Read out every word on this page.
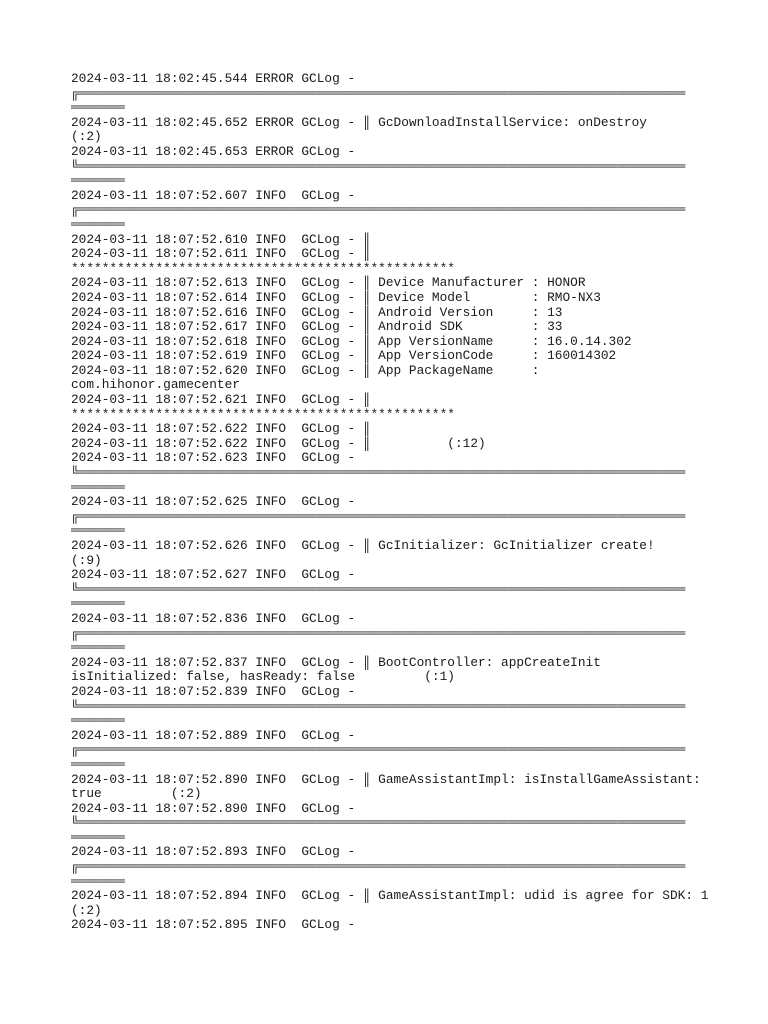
2024-03-11 18:02:45.544 ERROR GCLog -
╔═══════════════════════════════════════════════════════════════════════════════
═══════
2024-03-11 18:02:45.652 ERROR GCLog - ║ GcDownloadInstallService: onDestroy
(:2)
2024-03-11 18:02:45.653 ERROR GCLog -
╚═══════════════════════════════════════════════════════════════════════════════
═══════
2024-03-11 18:07:52.607 INFO  GCLog -
╔═══════════════════════════════════════════════════════════════════════════════
═══════
2024-03-11 18:07:52.610 INFO  GCLog - ║
2024-03-11 18:07:52.611 INFO  GCLog - ║
**************************************************
2024-03-11 18:07:52.613 INFO  GCLog - ║ Device Manufacturer : HONOR
2024-03-11 18:07:52.614 INFO  GCLog - ║ Device Model        : RMO-NX3
2024-03-11 18:07:52.616 INFO  GCLog - ║ Android Version     : 13
2024-03-11 18:07:52.617 INFO  GCLog - ║ Android SDK         : 33
2024-03-11 18:07:52.618 INFO  GCLog - ║ App VersionName     : 16.0.14.302
2024-03-11 18:07:52.619 INFO  GCLog - ║ App VersionCode     : 160014302
2024-03-11 18:07:52.620 INFO  GCLog - ║ App PackageName     :
com.hihonor.gamecenter
2024-03-11 18:07:52.621 INFO  GCLog - ║
**************************************************
2024-03-11 18:07:52.622 INFO  GCLog - ║
2024-03-11 18:07:52.622 INFO  GCLog - ║          (:12)
2024-03-11 18:07:52.623 INFO  GCLog -
╚═══════════════════════════════════════════════════════════════════════════════
═══════
2024-03-11 18:07:52.625 INFO  GCLog -
╔═══════════════════════════════════════════════════════════════════════════════
═══════
2024-03-11 18:07:52.626 INFO  GCLog - ║ GcInitializer: GcInitializer create!
(:9)
2024-03-11 18:07:52.627 INFO  GCLog -
╚═══════════════════════════════════════════════════════════════════════════════
═══════
2024-03-11 18:07:52.836 INFO  GCLog -
╔═══════════════════════════════════════════════════════════════════════════════
═══════
2024-03-11 18:07:52.837 INFO  GCLog - ║ BootController: appCreateInit
isInitialized: false, hasReady: false         (:1)
2024-03-11 18:07:52.839 INFO  GCLog -
╚═══════════════════════════════════════════════════════════════════════════════
═══════
2024-03-11 18:07:52.889 INFO  GCLog -
╔═══════════════════════════════════════════════════════════════════════════════
═══════
2024-03-11 18:07:52.890 INFO  GCLog - ║ GameAssistantImpl: isInstallGameAssistant:
true         (:2)
2024-03-11 18:07:52.890 INFO  GCLog -
╚═══════════════════════════════════════════════════════════════════════════════
═══════
2024-03-11 18:07:52.893 INFO  GCLog -
╔═══════════════════════════════════════════════════════════════════════════════
═══════
2024-03-11 18:07:52.894 INFO  GCLog - ║ GameAssistantImpl: udid is agree for SDK: 1
(:2)
2024-03-11 18:07:52.895 INFO  GCLog -
